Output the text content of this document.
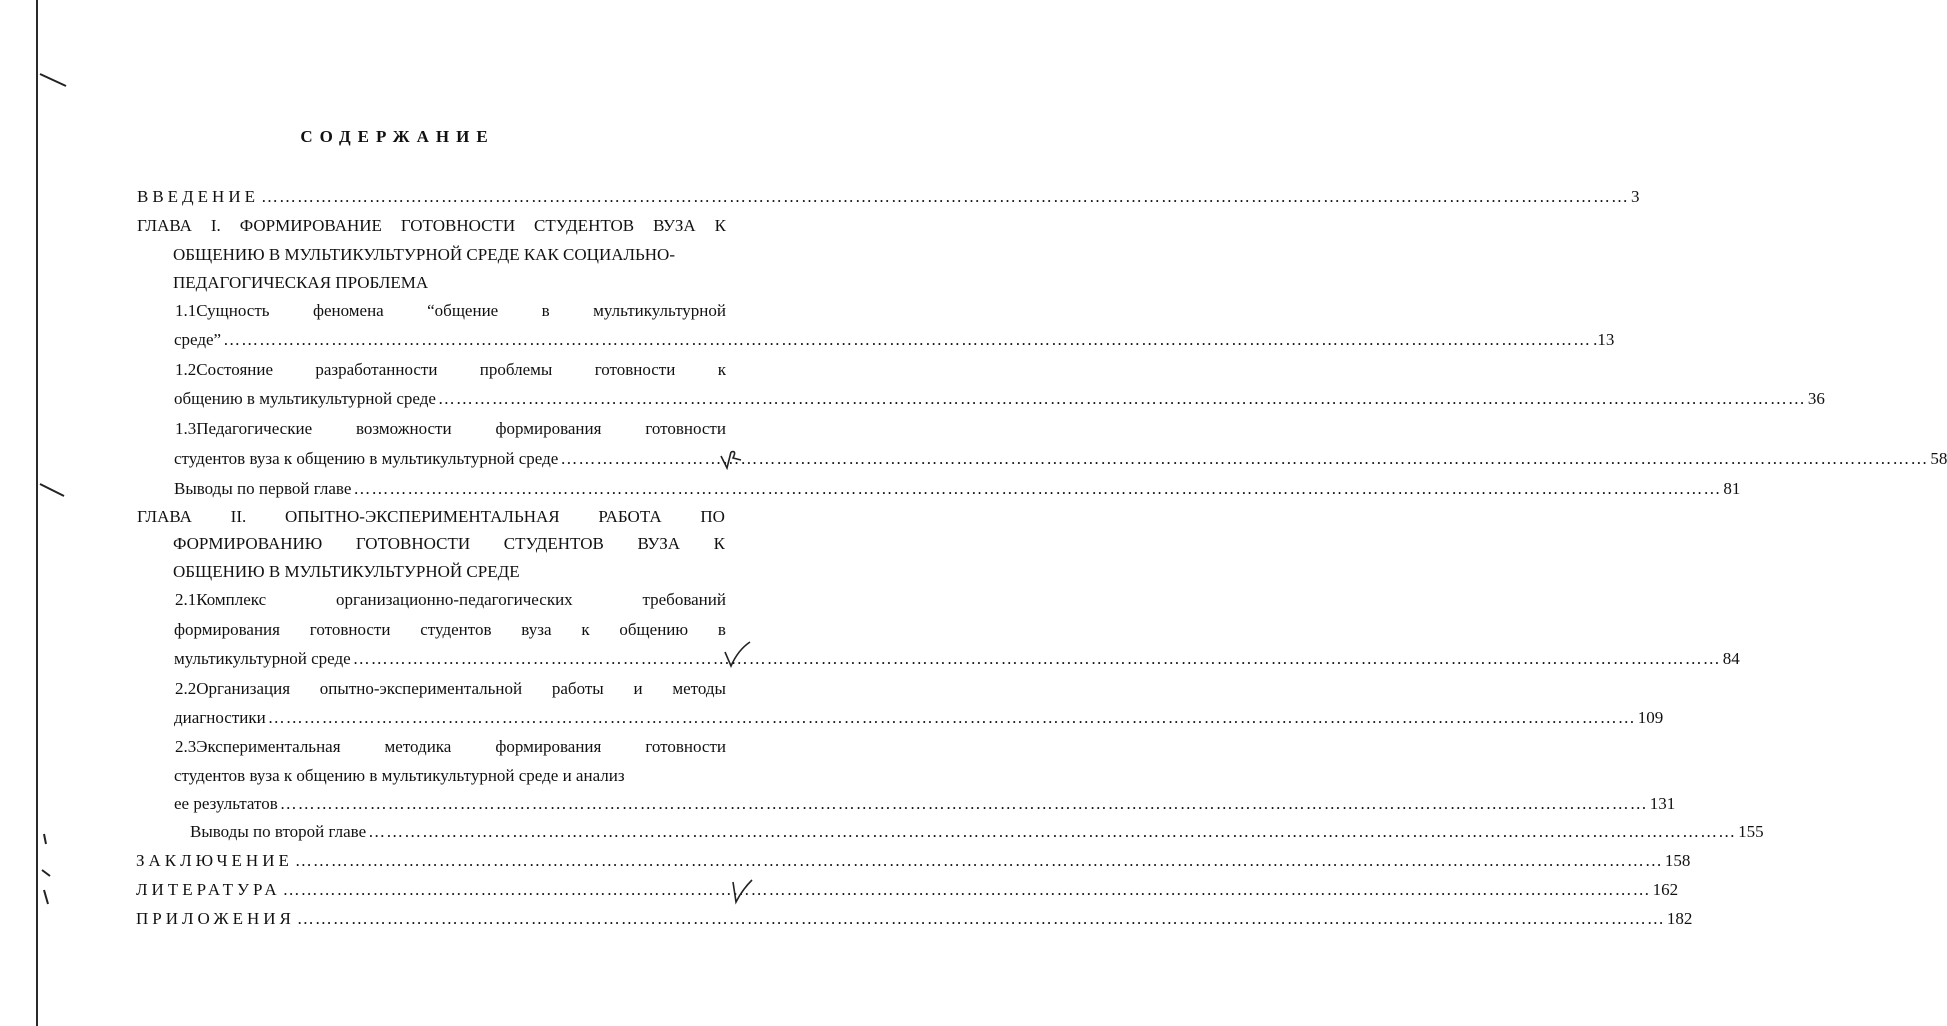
СОДЕРЖАНИЕ
ВВЕДЕНИЕ ………………………………………………………………………………………………………………………………………………………………………………………………………… 3
ГЛАВА I. ФОРМИРОВАНИЕ ГОТОВНОСТИ СТУДЕНТОВ ВУЗА К
ОБЩЕНИЮ В МУЛЬТИКУЛЬТУРНОЙ СРЕДЕ КАК СОЦИАЛЬНО-
ПЕДАГОГИЧЕСКАЯ ПРОБЛЕМА
1.1Сущность	феномена	“общение	в	мультикультурной
среде” ………………………………………………………………………………………………………………………………………………………………………………………………………… .13
1.2Состояние разработанности проблемы готовности к
общению в мультикультурной среде ………………………………………………………………………………………………………………………………………………………………………………………………………… 36
1.3Педагогические	возможности	формирования	готовности
студентов вуза к общению в мультикультурной среде ………………………………………………………………………………………………………………………………………………………………………………………………………… 58
Выводы по первой главе ………………………………………………………………………………………………………………………………………………………………………………………………………… 81
ГЛАВА II. ОПЫТНО-ЭКСПЕРИМЕНТАЛЬНАЯ РАБОТА ПО
ФОРМИРОВАНИЮ ГОТОВНОСТИ СТУДЕНТОВ ВУЗА К
ОБЩЕНИЮ В МУЛЬТИКУЛЬТУРНОЙ СРЕДЕ
2.1Комплекс	организационно-педагогических	требований
формирования готовности студентов вуза к общению в
мультикультурной среде ………………………………………………………………………………………………………………………………………………………………………………………………………… 84
2.2Организация опытно-экспериментальной работы и методы
диагностики ………………………………………………………………………………………………………………………………………………………………………………………………………… 109
2.3Экспериментальная	методика	формирования	готовности
студентов вуза к общению в мультикультурной среде и анализ
ее результатов ………………………………………………………………………………………………………………………………………………………………………………………………………… 131
Выводы по второй главе ………………………………………………………………………………………………………………………………………………………………………………………………………… 155
ЗАКЛЮЧЕНИЕ ………………………………………………………………………………………………………………………………………………………………………………………………………… 158
ЛИТЕРАТУРА ………………………………………………………………………………………………………………………………………………………………………………………………………… 162
ПРИЛОЖЕНИЯ ………………………………………………………………………………………………………………………………………………………………………………………………………… 182
